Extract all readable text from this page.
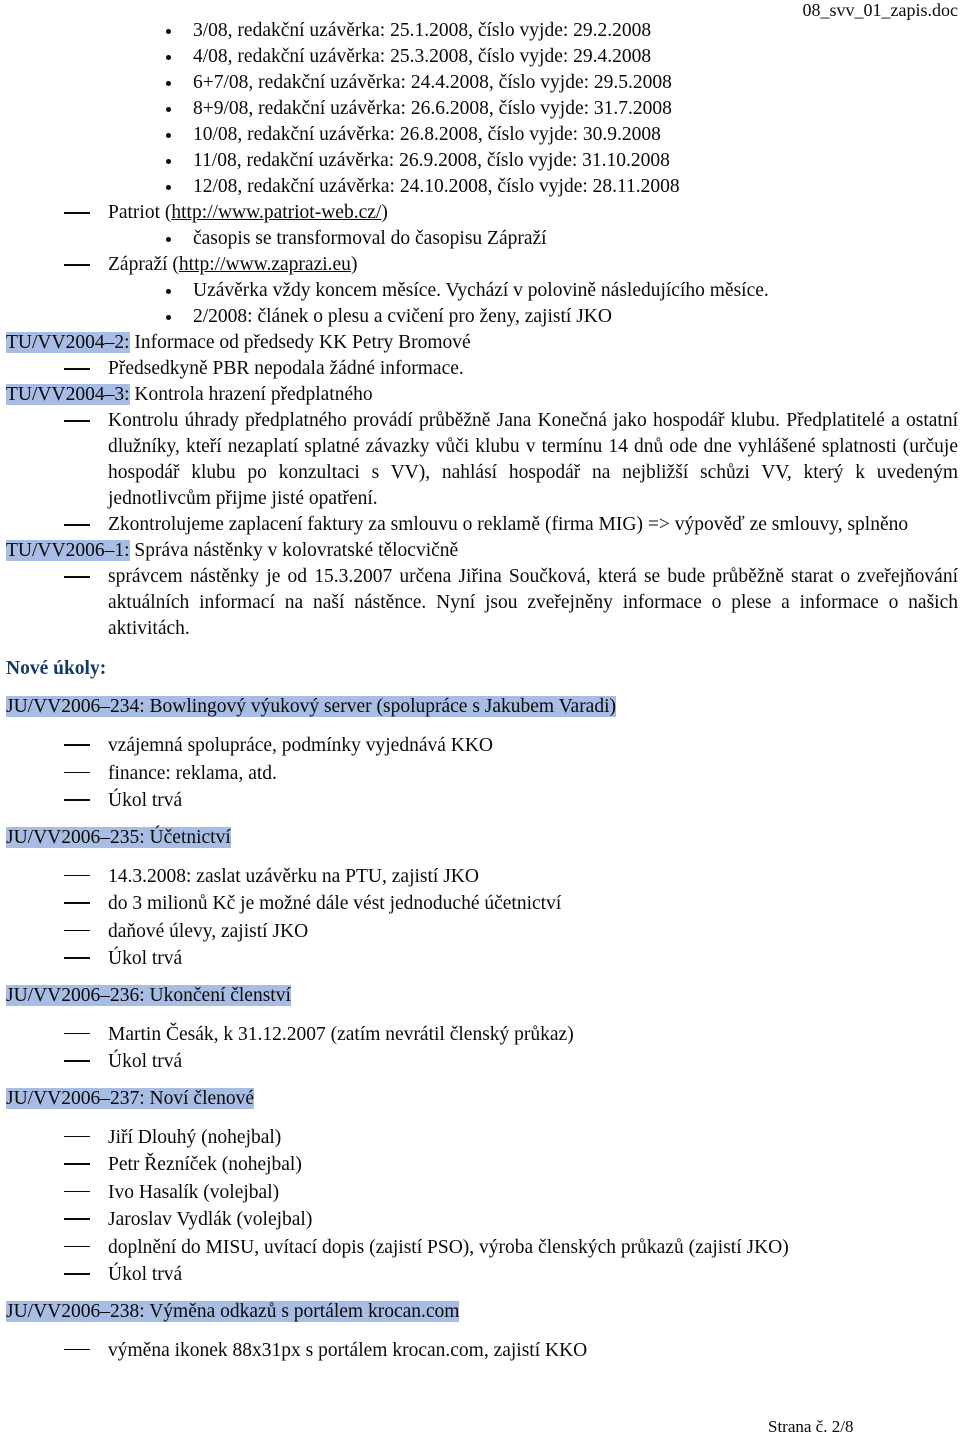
08_svv_01_zapis.doc
3/08, redakční uzávěrka: 25.1.2008, číslo vyjde: 29.2.2008
4/08, redakční uzávěrka: 25.3.2008, číslo vyjde: 29.4.2008
6+7/08, redakční uzávěrka: 24.4.2008, číslo vyjde: 29.5.2008
8+9/08, redakční uzávěrka: 26.6.2008, číslo vyjde: 31.7.2008
10/08, redakční uzávěrka: 26.8.2008, číslo vyjde: 30.9.2008
11/08, redakční uzávěrka: 26.9.2008, číslo vyjde: 31.10.2008
12/08, redakční uzávěrka: 24.10.2008, číslo vyjde: 28.11.2008
Patriot (http://www.patriot-web.cz/)
časopis se transformoval do časopisu Zápraží
Zápraží (http://www.zaprazi.eu)
Uzávěrka vždy koncem měsíce. Vychází v polovině následujícího měsíce.
2/2008: článek o plesu a cvičení pro ženy, zajistí JKO

TU/VV2004–2: Informace od předsedy KK Petry Bromové

Předsedkyně PBR nepodala žádné informace.

TU/VV2004–3: Kontrola hrazení předplatného

Kontrolu úhrady předplatného provádí průběžně Jana Konečná jako hospodář klubu. Předplatitelé a ostatní dlužníky, kteří nezaplatí splatné závazky vůči klubu v termínu 14 dnů ode dne vyhlášené splatnosti (určuje hospodář klubu po konzultaci s VV), nahlásí hospodář na nejbližší schůzi VV, který k uvedeným jednotlivcům přijme jisté opatření.
Zkontrolujeme zaplacení faktury za smlouvu o reklamě (firma MIG) => výpověď ze smlouvy, splněno

TU/VV2006–1: Správa nástěnky v kolovratské tělocvičně

správcem nástěnky je od 15.3.2007 určena Jiřina Součková, která se bude průběžně starat o zveřejňování aktuálních informací na naší nástěnce. Nyní jsou zveřejněny informace o plese a informace o našich aktivitách.

Nové úkoly:

JU/VV2006–234: Bowlingový výukový server (spolupráce s Jakubem Varadi)

vzájemná spolupráce, podmínky vyjednává KKO
finance: reklama, atd.
Úkol trvá

JU/VV2006–235: Účetnictví

14.3.2008: zaslat uzávěrku na PTU, zajistí JKO
do 3 milionů Kč je možné dále vést jednoduché účetnictví
daňové úlevy, zajistí JKO
Úkol trvá

JU/VV2006–236: Ukončení členství

Martin Česák, k 31.12.2007 (zatím nevrátil členský průkaz)
Úkol trvá

JU/VV2006–237: Noví členové

Jiří Dlouhý (nohejbal)
Petr Řezníček (nohejbal)
Ivo Hasalík (volejbal)
Jaroslav Vydlák (volejbal)
doplnění do MISU, uvítací dopis (zajistí PSO), výroba členských průkazů (zajistí JKO)
Úkol trvá

JU/VV2006–238: Výměna odkazů s portálem krocan.com

výměna ikonek 88x31px s portálem krocan.com, zajistí KKO
Strana č. 2/8
